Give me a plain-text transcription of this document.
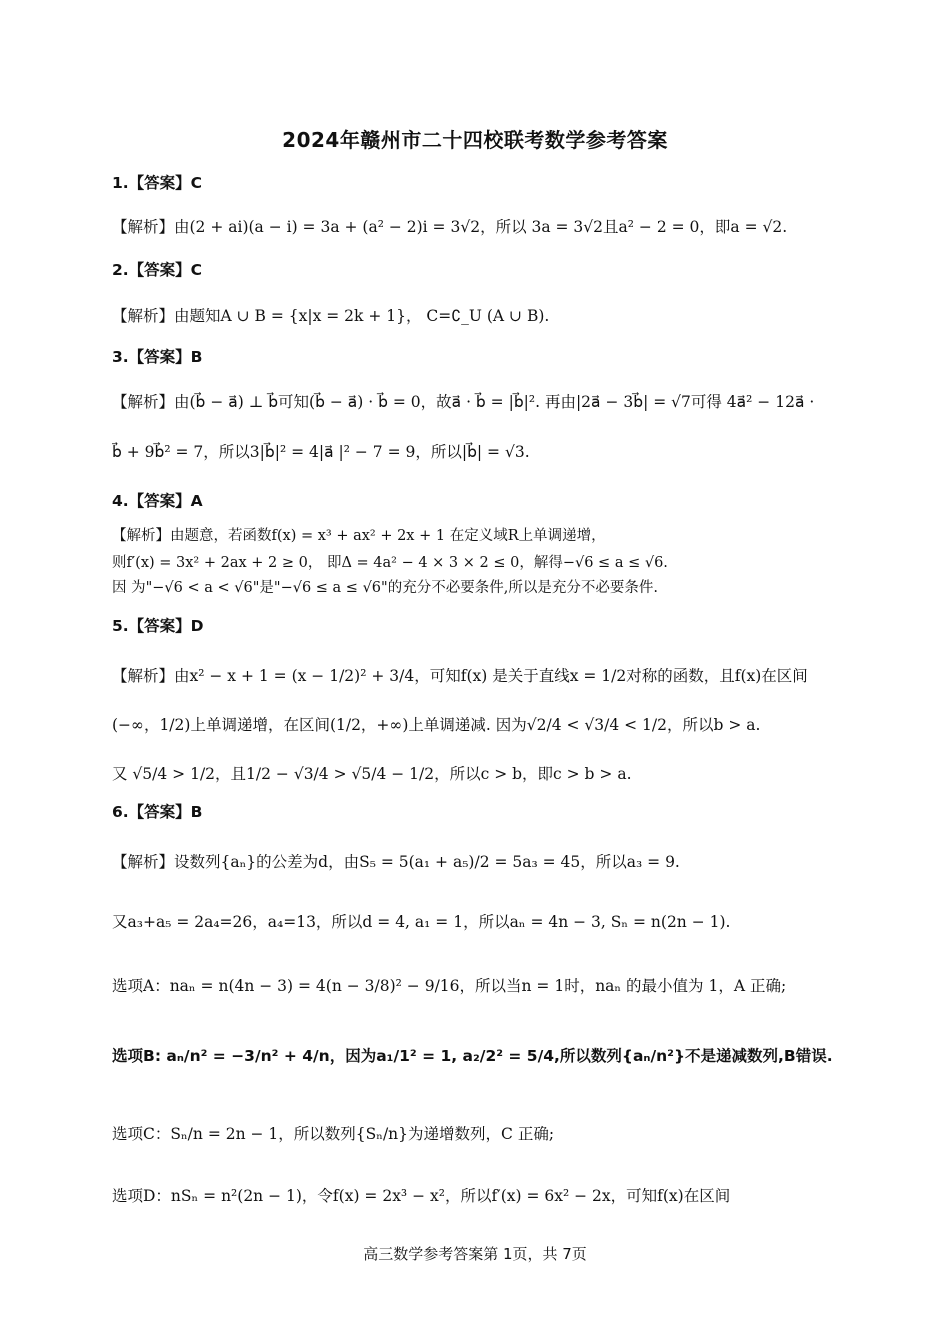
2024年赣州市二十四校联考数学参考答案
1.【答案】C
【解析】由(2 + ai)(a − i) = 3a + (a² − 2)i = 3√2，所以 3a = 3√2且a² − 2 = 0，即a = √2.
2.【答案】C
【解析】由题知A ∪ B = {x|x = 2k + 1}， C=∁_U (A ∪ B).
3.【答案】B
【解析】由(b⃗ − a⃗) ⊥ b⃗可知(b⃗ − a⃗) · b⃗ = 0，故a⃗ · b⃗ = |b⃗|². 再由|2a⃗ − 3b⃗| = √7可得 4a⃗² − 12a⃗ ·
b⃗ + 9b⃗² = 7，所以3|b⃗|² = 4|a⃗ |² − 7 = 9，所以|b⃗| = √3.
4.【答案】A
【解析】由题意，若函数f(x) = x³ + ax² + 2x + 1 在定义域R上单调递增，
则f′(x) = 3x² + 2ax + 2 ≥ 0， 即Δ = 4a² − 4 × 3 × 2 ≤ 0，解得−√6 ≤ a ≤ √6.
因 为"−√6 < a < √6"是"−√6 ≤ a ≤ √6"的充分不必要条件,所以是充分不必要条件.
5.【答案】D
【解析】由x² − x + 1 = (x − 1/2)² + 3/4，可知f(x) 是关于直线x = 1/2对称的函数，且f(x)在区间
(−∞，1/2)上单调递增，在区间(1/2，+∞)上单调递减. 因为√2/4 < √3/4 < 1/2，所以b > a.
又 √5/4 > 1/2，且1/2 − √3/4 > √5/4 − 1/2，所以c > b，即c > b > a.
6.【答案】B
【解析】设数列{aₙ}的公差为d，由S₅ = 5(a₁ + a₅)/2 = 5a₃ = 45，所以a₃ = 9.
又a₃+a₅ = 2a₄=26，a₄=13，所以d = 4, a₁ = 1，所以aₙ = 4n − 3, Sₙ = n(2n − 1).
选项A：naₙ = n(4n − 3) = 4(n − 3/8)² − 9/16，所以当n = 1时，naₙ 的最小值为 1，A 正确;
选项B: aₙ/n² = −3/n² + 4/n，因为a₁/1² = 1, a₂/2² = 5/4,所以数列{aₙ/n²}不是递减数列,B错误.
选项C：Sₙ/n = 2n − 1，所以数列{Sₙ/n}为递增数列，C 正确;
选项D：nSₙ = n²(2n − 1)，令f(x) = 2x³ − x²，所以f′(x) = 6x² − 2x，可知f(x)在区间
高三数学参考答案第 1页，共 7页
